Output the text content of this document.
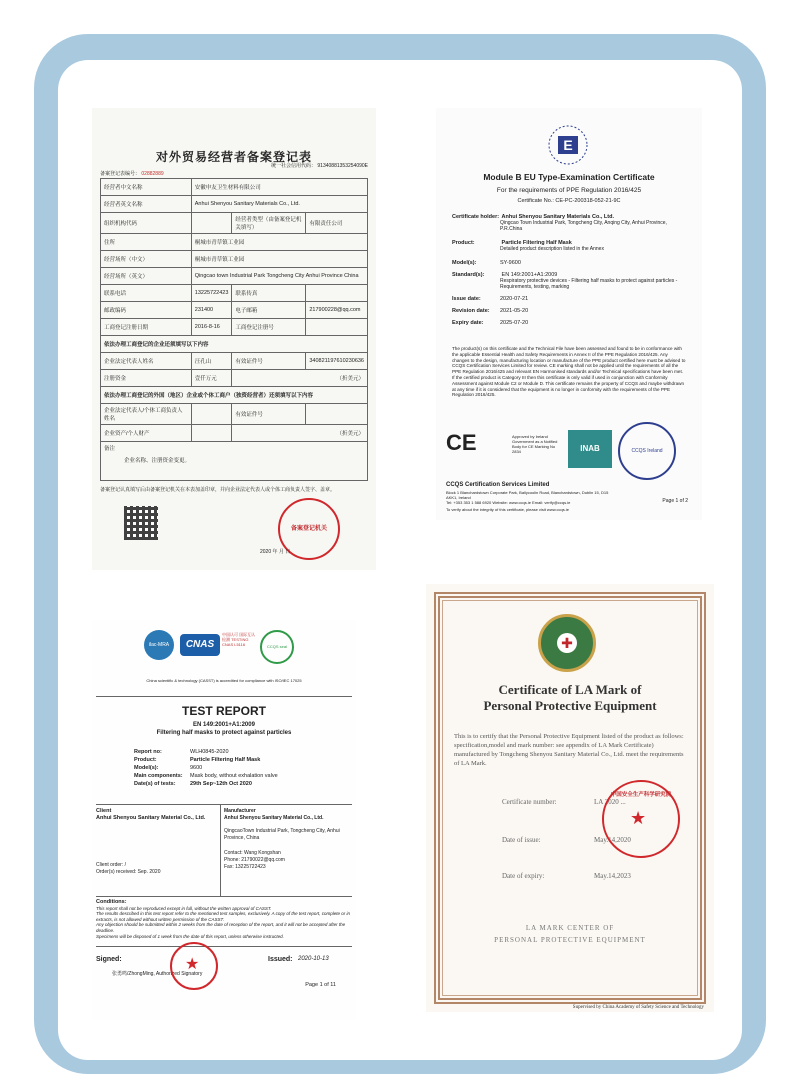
对外贸易经营者备案登记表
备案登记表编号： 02882889
统一社会信用代码： 91340881353254090E
经营者中文名称	安徽申友卫生材料有限公司		
经营者英文名称	Anhui Shenyou Sanitary Materials Co., Ltd.		
组织机构代码		经营者类型（由备案登记机关填写）	有限责任公司
住所	桐城市青草镇工业园		
经营场所（中文）	桐城市青草镇工业园		
经营场所（英文）	Qingcao town Industrial Park Tongcheng City Anhui Province China		
联系电话	13225722423	联系传真	
邮政编码	231400	电子邮箱	217900228@qq.com
工商登记注册日期	2016-8-16	工商登记注册号	
依法办理工商登记的企业还须填写以下内容			
企业法定代表人姓名	汪孔山	有效证件号	340821197610230636
注册资金	壹仟万元	（折美元）	
依法办理工商登记的外国（地区）企业或个体工商户（独资经营者）还须填写以下内容			
企业法定代表人/个体工商负责人姓名		有效证件号	
企业资产/个人财产		（折美元）	

备注
企业名称、注册资金变更。			
备案登记认真填写后由备案登记机关在本表加盖印章，并向企业法定代表人或个体工商负责人签字、盖章。
备案登记机关
2020 年 月 日
E
Module B EU Type-Examination Certificate
For the requirements of PPE Regulation 2016/425
Certificate No.: CE-PC-200318-052-21-9C
Certificate holder: Anhui Shenyou Sanitary Materials Co., Ltd.
Qingcao Town Industrial Park, Tongcheng City, Anqing City, Anhui Province, P.R.China
Product:	Particle Filtering Half Mask
Detailed product description listed in the Annex
Model(s):	SY-9600
Standard(s):	EN 149:2001+A1:2009
Respiratory protective devices - Filtering half masks to protect against particles - Requirements, testing, marking
Issue date:	2020-07-21
Revision date: 2021-05-20
Expiry date:	2025-07-20
The product(s) on this certificate and the Technical File have been assessed and found to be in conformance with the applicable Essential Health and Safety Requirements in Annex II of the PPE Regulation 2016/425. Any changes to the design, manufacturing location or manufacture of the PPE product certified here must be advised to CCQS Certification Services Limited for review. CE marking shall not be applied until the requirements of all the PPE Regulation 2016/425 and relevant EN Harmonised standards and/or Technical specifications have been met. If the certified product is Category III then this certificate is only valid if used in conjunction with Conformity Assessment against Module C2 or Module D. This certificate remains the property of CCQS and maybe withdrawn at any time if it is considered that the equipment is no longer in conformity with the requirements of the PPE Regulation 2016/425.
CE	Approved by Ireland Government as a Notified Body for CE Marking No 2834	INAB	CCQS Ireland
CCQS Certification Services Limited
Block 1 Blanchardstown Corporate Park, Ballycoolin Road, Blanchardstown, Dublin 15, D15 AKK1, Ireland
Tel: +353 353 1 588 6920 Website: www.ccqs.ie Email: verify@ccqs.ie
To verify about the integrity of this certificate, please visit www.ccqs.ie
Page 1 of 2
ilac-MRA	CNAS
中国认可 国际互认 检测 TESTING CNAS L5116	CCQS seal
China scientific & technology (CASST) is accredited for compliance with ISO/IEC 17025
TEST REPORT
EN 149:2001+A1:2009
Filtering half masks to protect against particles
Report no:	WLH0845-2020
Product:	Particle Filtering Half Mask
Model(s):	9600
Main components: Mask body, without exhalation valve
Date(s) of tests:	29th Sep~12th Oct 2020
Client
Anhui Shenyou Sanitary Material Co., Ltd.
Client order: /
Order(s) received: Sep. 2020
Manufacturer
Anhui Shenyou Sanitary Material Co., Ltd.
QingcaoTown Industrial Park, Tongcheng City, Anhui Province, China
Contact: Wang Kongshan
Phone: 21790022@qq.com
Fax: 13225722423
Conditions:
This report shall not be reproduced except in full, without the written approval of CASST.
The results described in this test report refer to the mentioned test samples, exclusively. A copy of the test report, complete or in extracts, is not allowed without written permission of the CASST.
Any objection should be submitted within 2 weeks from the date of reception of the report, and it will not be accepted after the deadline.
Specimens will be disposed of 1 week from the date of this report, unless otherwise instructed.
Signed:
张勇鸣/ZhongMing, Authorized Signatory
Issued: 2020-10-13
★
Page 1 of 11
✚
Certificate of LA Mark of
Personal Protective Equipment
This is to certify that the Personal Protective Equipment listed of the product as follows: specification,model and mark number: see appendix of LA Mark Certificate) manufactured by Tongcheng Shenyou Sanitary Material Co., Ltd. meet the requirements of LA Mark.
Certificate number:	LA 2020 ...
Date of issue:	May.14,2020
Date of expiry:	May.14,2023
中国安全生产科学研究院
★
LA MARK CENTER OF
PERSONAL PROTECTIVE EQUIPMENT
Supervised by China Academy of Safety Science and Technology
